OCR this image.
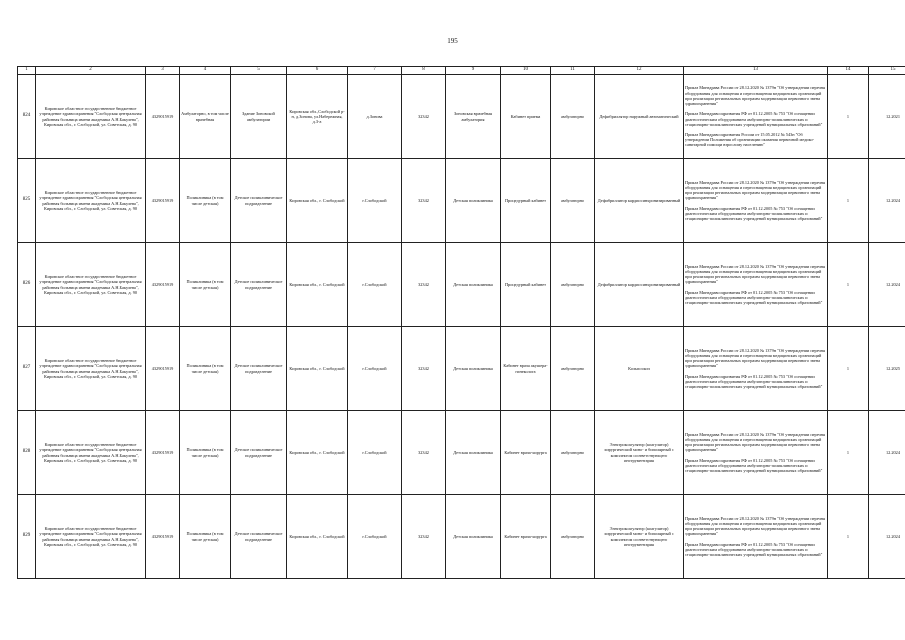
195
1	2	3	4	5	6	7	8	9	10	11	12	13	14	15
824	Кировское областное государственное бюджетное учреждение здравоохранения "Слободская центральная районная больница имени академика А.Н.Бакулева", Кировская обл., г. Слободской, ул. Советская, д. 90	4329015919	Амбулаторно, в том числе врачебная	Здание Зоновской амбулатории	Кировская обл.,Слободской р-н, д.Зонова, ул.Набережная, д.3-а	д.Зонова	32342	Зоновская врачебная амбулатория	Кабинет приема	амбулаторно	Дефибриллятор наружный автоматический	Приказ Минздрава России от 28.12.2020 № 1379н "Об утверждении перечня оборудования для оснащения и переоснащения медицинских организаций при реализации региональных программ модернизации первичного звена здравоохранения"
Приказ Минздравсоцразвития РФ от 01.12.2005 № 753 "Об оснащении диагностическим оборудованием амбулаторно-поликлинических и стационарно-поликлинических учреждений муниципальных образований"
Приказ Минздравсоцразвития России от 15.05.2012 № 543н "Об утверждении Положения об организации оказания первичной медико-санитарной помощи взрослому населению"	1	12.2021
825	Кировское областное государственное бюджетное учреждение здравоохранения "Слободская центральная районная больница имени академика А.Н.Бакулева", Кировская обл., г. Слободской, ул. Советская, д. 90	4329015919	Поликлиника (в том числе детская)	Детское поликлиническое подразделение	Кировская обл., г. Слободской	г.Слободской	32342	Детская поликлиника	Процедурный кабинет	амбулаторно	Дефибриллятор кардиосинхронизированный	Приказ Минздрава России от 28.12.2020 № 1379н "Об утверждении перечня оборудования для оснащения и переоснащения медицинских организаций при реализации региональных программ модернизации первичного звена здравоохранения"
Приказ Минздравсоцразвития РФ от 01.12.2005 № 753 "Об оснащении диагностическим оборудованием амбулаторно-поликлинических и стационарно-поликлинических учреждений муниципальных образований"	1	12.2024
826	Кировское областное государственное бюджетное учреждение здравоохранения "Слободская центральная районная больница имени академика А.Н.Бакулева", Кировская обл., г. Слободской, ул. Советская, д. 90	4329015919	Поликлиника (в том числе детская)	Детское поликлиническое подразделение	Кировская обл., г. Слободской	г.Слободской	32342	Детская поликлиника	Процедурный кабинет	амбулаторно	Дефибриллятор кардиосинхронизированный	Приказ Минздрава России от 28.12.2020 № 1379н "Об утверждении перечня оборудования для оснащения и переоснащения медицинских организаций при реализации региональных программ модернизации первичного звена здравоохранения"
Приказ Минздравсоцразвития РФ от 01.12.2005 № 753 "Об оснащении диагностическим оборудованием амбулаторно-поликлинических и стационарно-поликлинических учреждений муниципальных образований"	1	12.2024
827	Кировское областное государственное бюджетное учреждение здравоохранения "Слободская центральная районная больница имени академика А.Н.Бакулева", Кировская обл., г. Слободской, ул. Советская, д. 90	4329015919	Поликлиника (в том числе детская)	Детское поликлиническое подразделение	Кировская обл., г. Слободской	г.Слободской	32342	Детская поликлиника	Кабинет врача акушера-гинеколога	амбулаторно	Кольпоскоп	Приказ Минздрава России от 28.12.2020 № 1379н "Об утверждении перечня оборудования для оснащения и переоснащения медицинских организаций при реализации региональных программ модернизации первичного звена здравоохранения"
Приказ Минздравсоцразвития РФ от 01.12.2005 № 753 "Об оснащении диагностическим оборудованием амбулаторно-поликлинических и стационарно-поликлинических учреждений муниципальных образований"	1	12.2025
828	Кировское областное государственное бюджетное учреждение здравоохранения "Слободская центральная районная больница имени академика А.Н.Бакулева", Кировская обл., г. Слободской, ул. Советская, д. 90	4329015919	Поликлиника (в том числе детская)	Детское поликлиническое подразделение	Кировская обл., г. Слободской	г.Слободской	32342	Детская поликлиника	Кабинет врача-хирурга	амбулаторно	Электрокоагулятор (коагулятор) хирургический моно- и биполярный с комплектом соответствующего инструментария	Приказ Минздрава России от 28.12.2020 № 1379н "Об утверждении перечня оборудования для оснащения и переоснащения медицинских организаций при реализации региональных программ модернизации первичного звена здравоохранения"
Приказ Минздравсоцразвития РФ от 01.12.2005 № 753 "Об оснащении диагностическим оборудованием амбулаторно-поликлинических и стационарно-поликлинических учреждений муниципальных образований"	1	12.2024
829	Кировское областное государственное бюджетное учреждение здравоохранения "Слободская центральная районная больница имени академика А.Н.Бакулева", Кировская обл., г. Слободской, ул. Советская, д. 90	4329015919	Поликлиника (в том числе детская)	Детское поликлиническое подразделение	Кировская обл., г. Слободской	г.Слободской	32342	Детская поликлиника	Кабинет врача-хирурга	амбулаторно	Электрокоагулятор (коагулятор) хирургический моно- и биполярный с комплектом соответствующего инструментария	Приказ Минздрава России от 28.12.2020 № 1379н "Об утверждении перечня оборудования для оснащения и переоснащения медицинских организаций при реализации региональных программ модернизации первичного звена здравоохранения"
Приказ Минздравсоцразвития РФ от 01.12.2005 № 753 "Об оснащении диагностическим оборудованием амбулаторно-поликлинических и стационарно-поликлинических учреждений муниципальных образований"	1	12.2024
